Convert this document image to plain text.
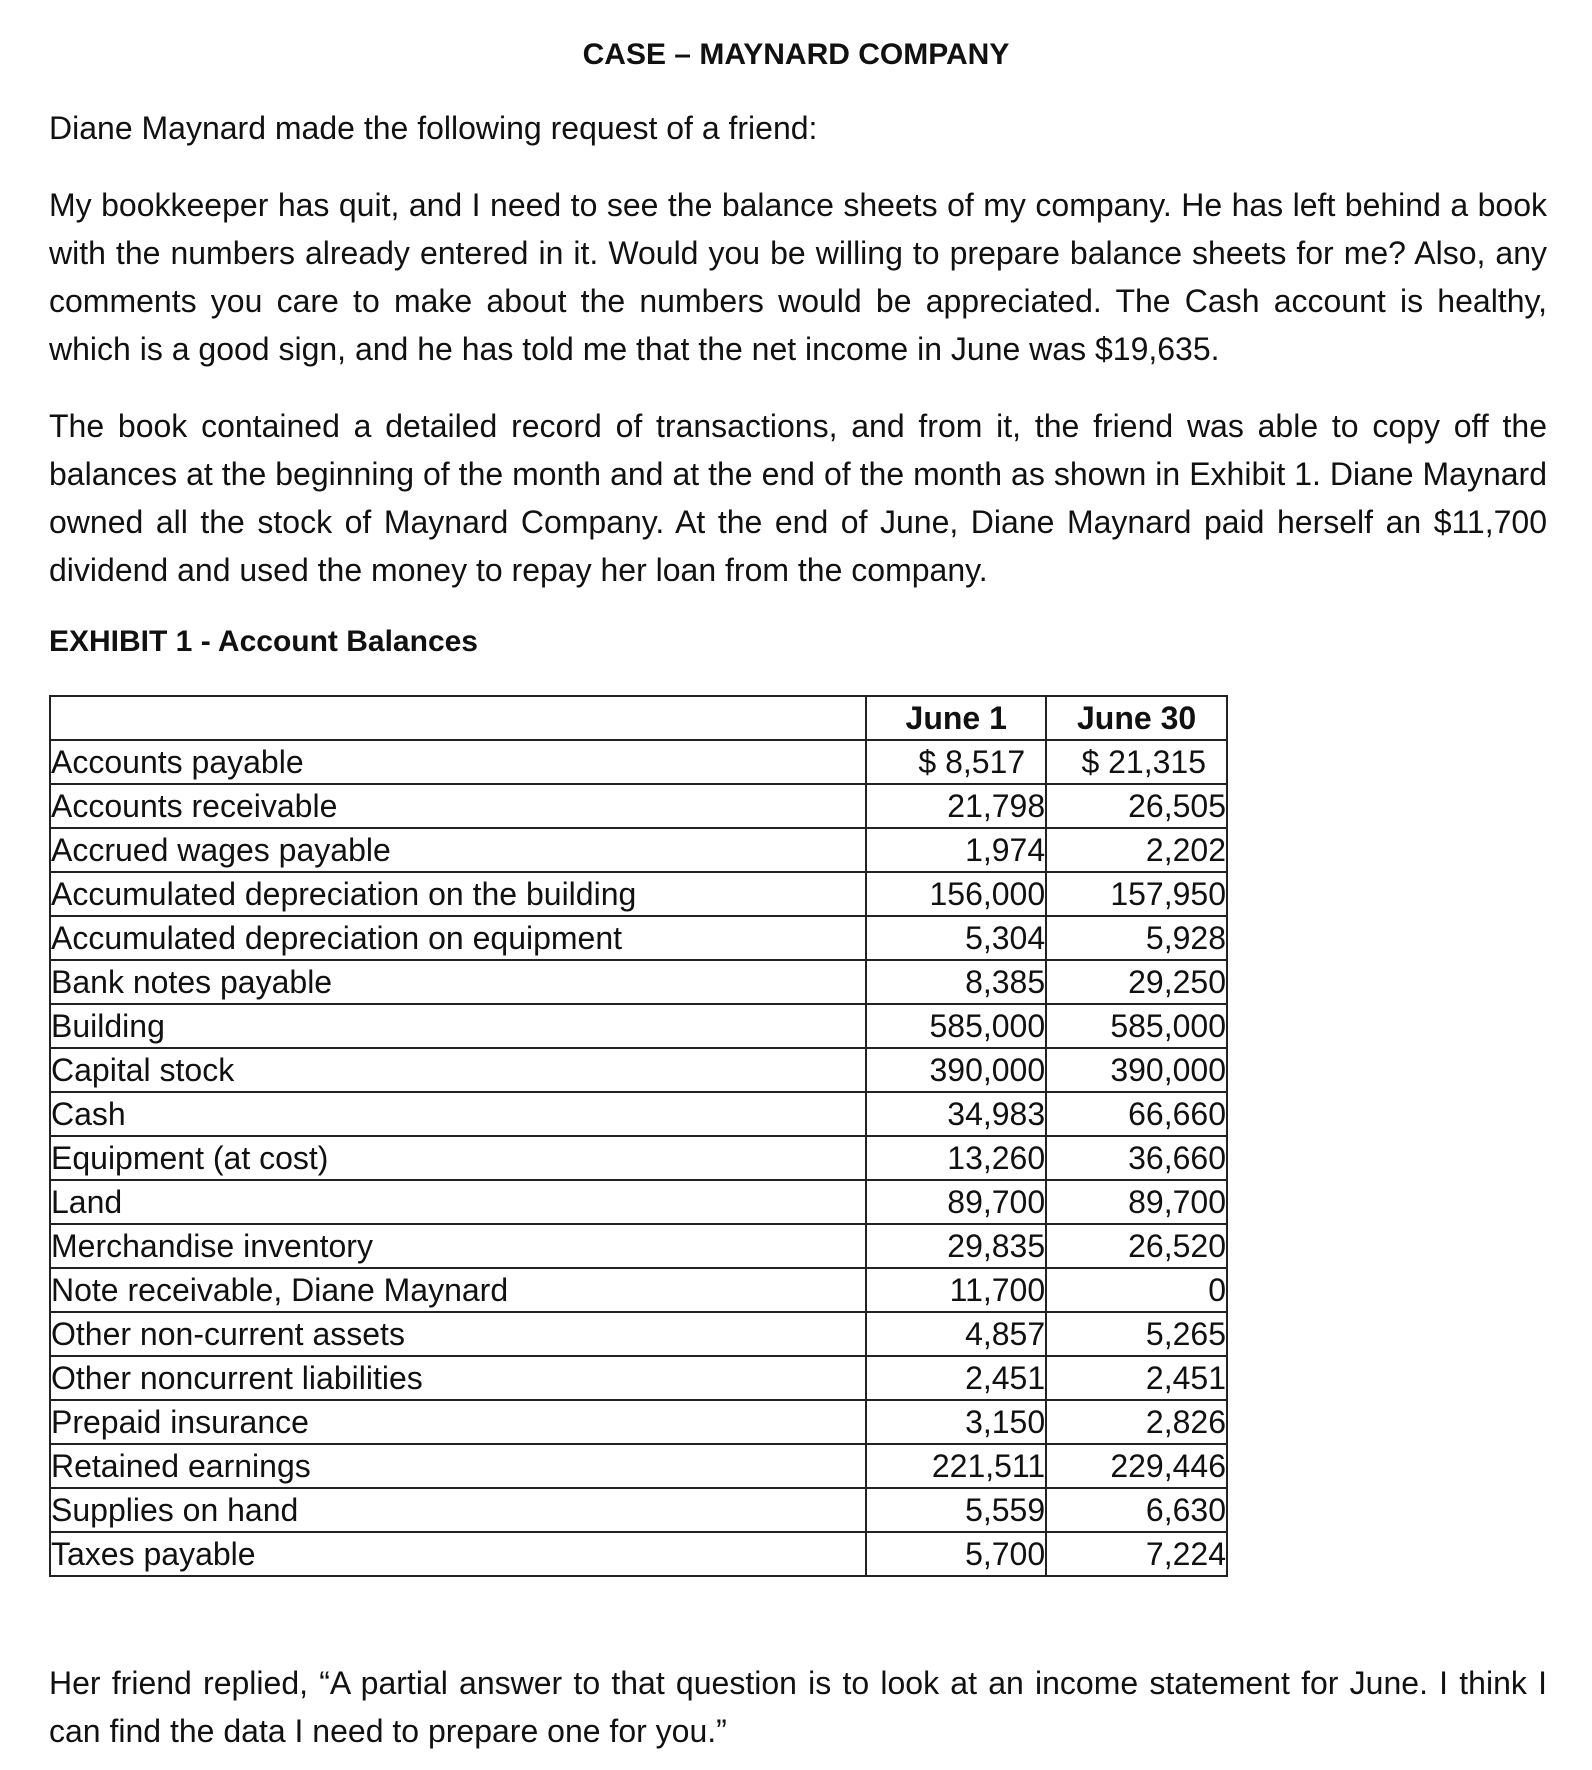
CASE – MAYNARD COMPANY
Diane Maynard made the following request of a friend:
My bookkeeper has quit, and I need to see the balance sheets of my company. He has left behind a book with the numbers already entered in it. Would you be willing to prepare balance sheets for me? Also, any comments you care to make about the numbers would be appreciated. The Cash account is healthy, which is a good sign, and he has told me that the net income in June was $19,635.
The book contained a detailed record of transactions, and from it, the friend was able to copy off the balances at the beginning of the month and at the end of the month as shown in Exhibit 1. Diane Maynard owned all the stock of Maynard Company. At the end of June, Diane Maynard paid herself an $11,700 dividend and used the money to repay her loan from the company.
EXHIBIT 1 - Account Balances
	June 1	June 30
Accounts payable	$ 8,517	$ 21,315
Accounts receivable	21,798	26,505
Accrued wages payable	1,974	2,202
Accumulated depreciation on the building	156,000	157,950
Accumulated depreciation on equipment	5,304	5,928
Bank notes payable	8,385	29,250
Building	585,000	585,000
Capital stock	390,000	390,000
Cash	34,983	66,660
Equipment (at cost)	13,260	36,660
Land	89,700	89,700
Merchandise inventory	29,835	26,520
Note receivable, Diane Maynard	11,700	0
Other non-current assets	4,857	5,265
Other noncurrent liabilities	2,451	2,451
Prepaid insurance	3,150	2,826
Retained earnings	221,511	229,446
Supplies on hand	5,559	6,630
Taxes payable	5,700	7,224
Her friend replied, “A partial answer to that question is to look at an income statement for June. I think I can find the data I need to prepare one for you.”
